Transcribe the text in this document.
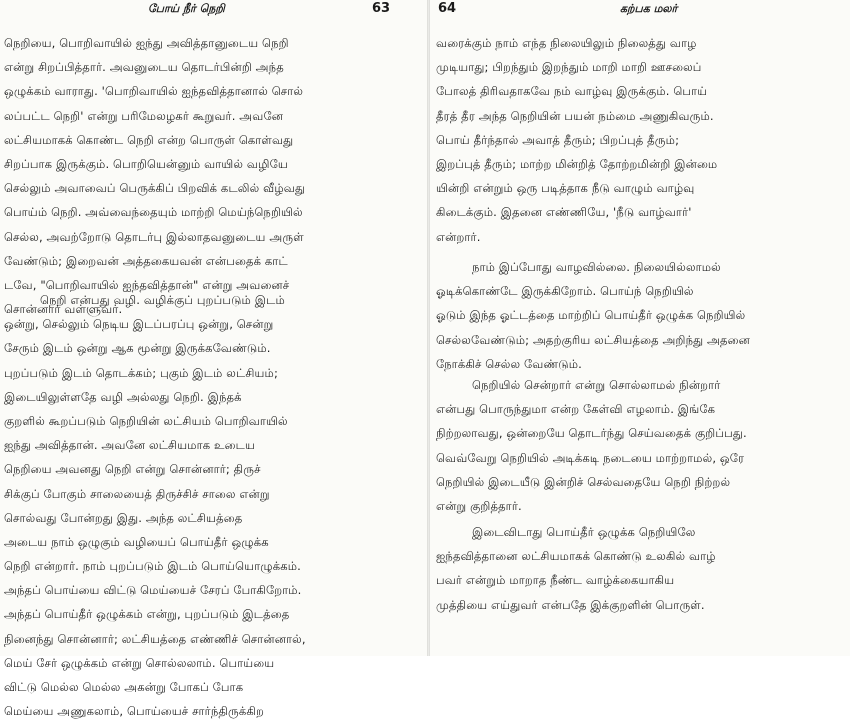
போய் நீர் நெறி	63
நெறியை, பொறிவாயில் ஐந்து அவித்தானுடைய நெறி
என்று சிறப்பித்தார். அவனுடைய தொடர்பின்றி அந்த
ஒழுக்கம் வாராது. 'பொறிவாயில் ஐந்தவித்தானால் சொல்
லப்பட்ட நெறி' என்று பரிமேலழகர் கூறுவர். அவனே
லட்சியமாகக் கொண்ட நெறி என்ற பொருள் கொள்வது
சிறப்பாக இருக்கும். பொறியென்னும் வாயில் வழியே
செல்லும் அவாவைப் பெருக்கிப் பிறவிக் கடலில் வீழ்வது
பொய்ம் நெறி. அவ்வைந்தையும் மாற்றி மெய்ந்நெறியில்
செல்ல, அவற்றோடு தொடர்பு இல்லாதவனுடைய அருள்
வேண்டும்; இறைவன் அத்தகையவன் என்பதைக் காட்
டவே, "பொறிவாயில் ஐந்தவித்தான்" என்று அவனைச்
சொன்னார் வள்ளுவர்.
நெறி என்பது வழி. வழிக்குப் புறப்படும் இடம்
ஒன்று, செல்லும் நெடிய இடப்பரப்பு ஒன்று, சென்று
சேரும் இடம் ஒன்று ஆக மூன்று இருக்கவேண்டும்.
புறப்படும் இடம் தொடக்கம்; புகும் இடம் லட்சியம்;
இடையிலுள்ளதே வழி அல்லது நெறி. இந்தக்
குறளில் கூறப்படும் நெறியின் லட்சியம் பொறிவாயில்
ஐந்து அவித்தான். அவனே லட்சியமாக உடைய
நெறியை அவனது நெறி என்று சொன்னார்; திருச்
சிக்குப் போகும் சாலையைத் திருச்சிச் சாலை என்று
சொல்வது போன்றது இது. அந்த லட்சியத்தை
அடைய நாம் ஒழுகும் வழியைப் பொய்தீர் ஒழுக்க
நெறி என்றார். நாம் புறப்படும் இடம் பொய்யொழுக்கம்.
அந்தப் பொய்யை விட்டு மெய்யைச் சேரப் போகிறோம்.
அந்தப் பொய்தீர் ஒழுக்கம் என்று, புறப்படும் இடத்தை
நினைந்து சொன்னார்; லட்சியத்தை எண்ணிச் சொன்னால்,
மெய் சேர் ஒழுக்கம் என்று சொல்லலாம். பொய்யை
விட்டு மெல்ல மெல்ல அகன்று போகப் போக
மெய்யை அணுகலாம், பொய்யைச் சார்ந்திருக்கிற
64	கற்பக மலர்
வரைக்கும் நாம் எந்த நிலையிலும் நிலைத்து வாழ
முடியாது; பிறந்தும் இறந்தும் மாறி மாறி ஊசலைப்
போலத் திரிவதாகவே நம் வாழ்வு இருக்கும். பொய்
தீரத் தீர அந்த நெறியின் பயன் நம்மை அணுகிவரும்.
பொய் தீர்ந்தால் அவாத் தீரும்; பிறப்புத் தீரும்;
இறப்புத் தீரும்; மாற்ற மின்றித் தோற்றமின்றி இன்மை
யின்றி என்றும் ஒரு படித்தாக நீடு வாழும் வாழ்வு
கிடைக்கும். இதனை எண்ணியே, 'நீடு வாழ்வார்'
என்றார்.
நாம் இப்போது வாழவில்லை. நிலையில்லாமல்
ஓடிக்கொண்டே இருக்கிறோம். பொய்ந் நெறியில்
ஓடும் இந்த ஓட்டத்தை மாற்றிப் பொய்தீர் ஒழுக்க நெறியில்
செல்லவேண்டும்; அதற்குரிய லட்சியத்தை அறிந்து அதனை
நோக்கிச் செல்ல வேண்டும்.
நெறியில் சென்றார் என்று சொல்லாமல் நின்றார்
என்பது பொருந்துமா என்ற கேள்வி எழலாம். இங்கே
நிற்றலாவது, ஒன்றையே தொடர்ந்து செய்வதைக் குறிப்பது.
வெவ்வேறு நெறியில் அடிக்கடி நடையை மாற்றாமல், ஒரே
நெறியில் இடையீடு இன்றிச் செல்வதையே நெறி நிற்றல்
என்று குறித்தார்.
இடைவிடாது பொய்தீர் ஒழுக்க நெறியிலே
ஐந்தவித்தானை லட்சியமாகக் கொண்டு உலகில் வாழ்
பவர் என்றும் மாறாத நீண்ட வாழ்க்கையாகிய
முத்தியை எய்துவர் என்பதே இக்குறளின் பொருள்.
